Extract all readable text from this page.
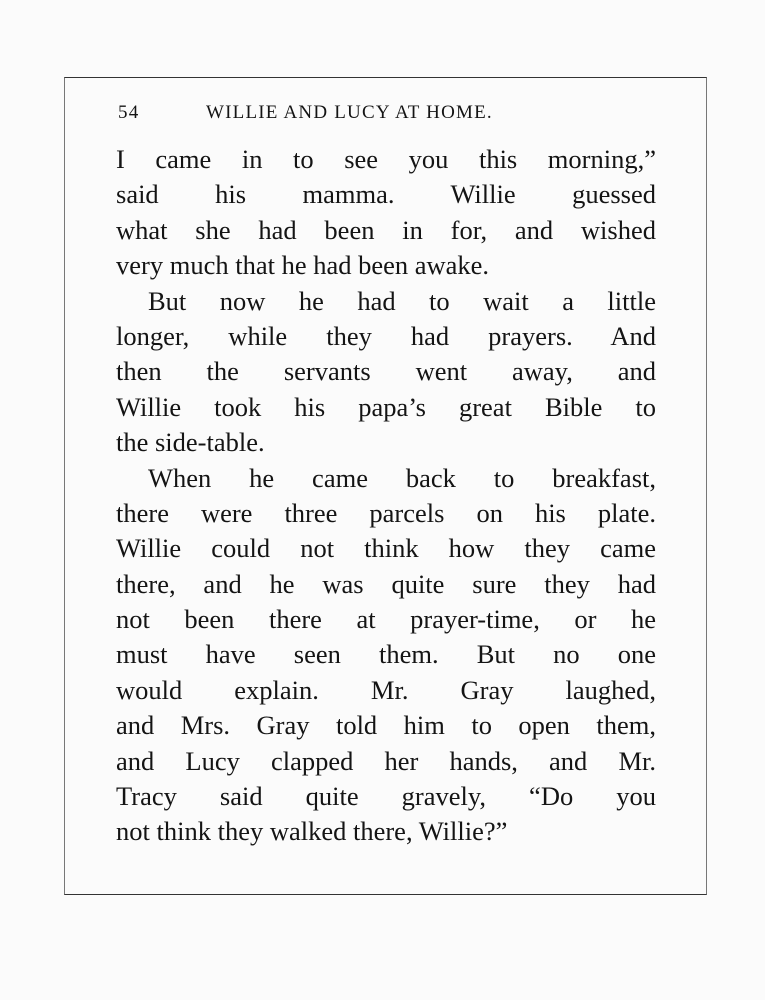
54	WILLIE AND LUCY AT HOME.
I came in to see you this morning,”
said his mamma. Willie guessed
what she had been in for, and wished
very much that he had been awake.
But now he had to wait a little
longer, while they had prayers. And
then the servants went away, and
Willie took his papa’s great Bible to
the side-table.
When he came back to breakfast,
there were three parcels on his plate.
Willie could not think how they came
there, and he was quite sure they had
not been there at prayer-time, or he
must have seen them. But no one
would explain. Mr. Gray laughed,
and Mrs. Gray told him to open them,
and Lucy clapped her hands, and Mr.
Tracy said quite gravely, “Do you
not think they walked there, Willie?”
